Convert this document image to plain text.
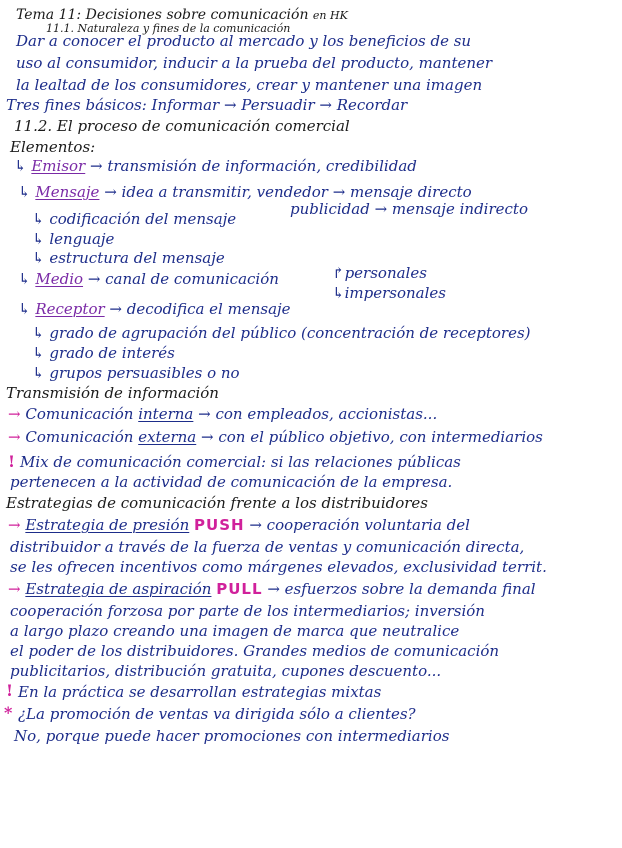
Tema 11: Decisiones sobre comunicación en HK
11.1. Naturaleza y fines de la comunicación
Dar a conocer el producto al mercado y los beneficios de su
uso al consumidor, inducir a la prueba del producto, mantener
la lealtad de los consumidores, crear y mantener una imagen
Tres fines básicos: Informar → Persuadir → Recordar
11.2. El proceso de comunicación comercial
Elementos:
↳ Emisor → transmisión de información, credibilidad
↳ Mensaje → idea a transmitir, vendedor → mensaje directo
publicidad → mensaje indirecto
↳ codificación del mensaje
↳ lenguaje
↳ estructura del mensaje
↳ Medio → canal de comunicación	↱personales
↳impersonales
↳ Receptor → decodifica el mensaje
↳ grado de agrupación del público (concentración de receptores)
↳ grado de interés
↳ grupos persuasibles o no
Transmisión de información
→ Comunicación interna → con empleados, accionistas...
→ Comunicación externa → con el público objetivo, con intermediarios
! Mix de comunicación comercial: si las relaciones públicas
pertenecen a la actividad de comunicación de la empresa.
Estrategias de comunicación frente a los distribuidores
→ Estrategia de presión PUSH → cooperación voluntaria del
distribuidor a través de la fuerza de ventas y comunicación directa,
se les ofrecen incentivos como márgenes elevados, exclusividad territ.
→ Estrategia de aspiración PULL → esfuerzos sobre la demanda final
cooperación forzosa por parte de los intermediarios; inversión
a largo plazo creando una imagen de marca que neutralice
el poder de los distribuidores. Grandes medios de comunicación
publicitarios, distribución gratuita, cupones descuento...
! En la práctica se desarrollan estrategias mixtas
* ¿La promoción de ventas va dirigida sólo a clientes?
No, porque puede hacer promociones con intermediarios
